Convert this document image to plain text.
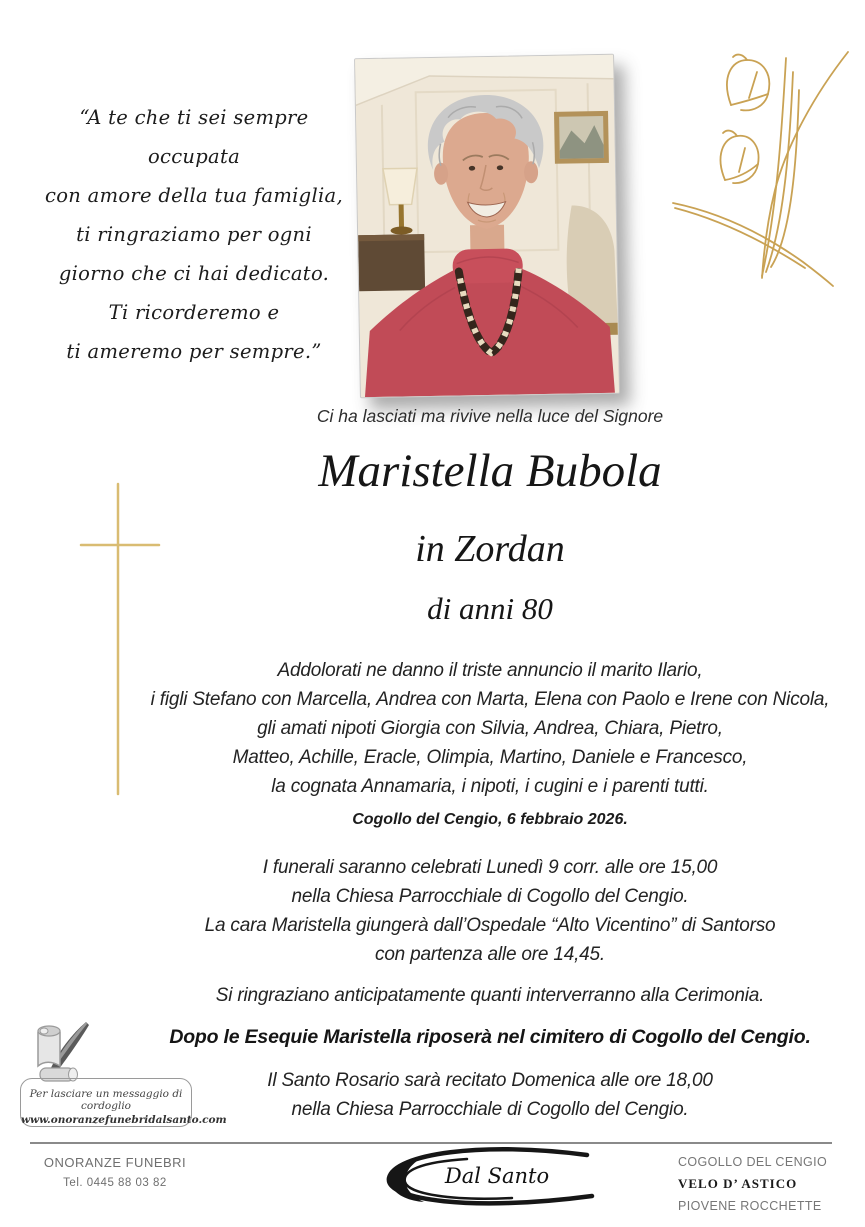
“A te che ti sei sempre occupata
con amore della tua famiglia,
ti ringraziamo per ogni
giorno che ci hai dedicato.
Ti ricorderemo e
ti ameremo per sempre.”
Ci ha lasciati ma rivive nella luce del Signore
Maristella Bubola
in Zordan
di anni 80
Addolorati ne danno il triste annuncio il marito Ilario,
i figli Stefano con Marcella, Andrea con Marta, Elena con Paolo e Irene con Nicola,
gli amati nipoti Giorgia con Silvia, Andrea, Chiara, Pietro,
Matteo, Achille, Eracle, Olimpia, Martino, Daniele e Francesco,
la cognata Annamaria, i nipoti, i cugini e i parenti tutti.
Cogollo del Cengio, 6 febbraio 2026.
I funerali saranno celebrati Lunedì 9 corr. alle ore 15,00
nella Chiesa Parrocchiale di Cogollo del Cengio.
La cara Maristella giungerà dall’Ospedale “Alto Vicentino” di Santorso
con partenza alle ore 14,45.
Si ringraziano anticipatamente quanti interverranno alla Cerimonia.
Dopo le Esequie Maristella riposerà nel cimitero di Cogollo del Cengio.
Il Santo Rosario sarà recitato Domenica alle ore 18,00
nella Chiesa Parrocchiale di Cogollo del Cengio.
Per lasciare un messaggio di cordoglio
www.onoranzefunebridalsanto.com
ONORANZE FUNEBRI
Tel. 0445 88 03 82	Dal Santo
COGOLLO DEL CENGIO
VELO D’ ASTICO
PIOVENE ROCCHETTE
